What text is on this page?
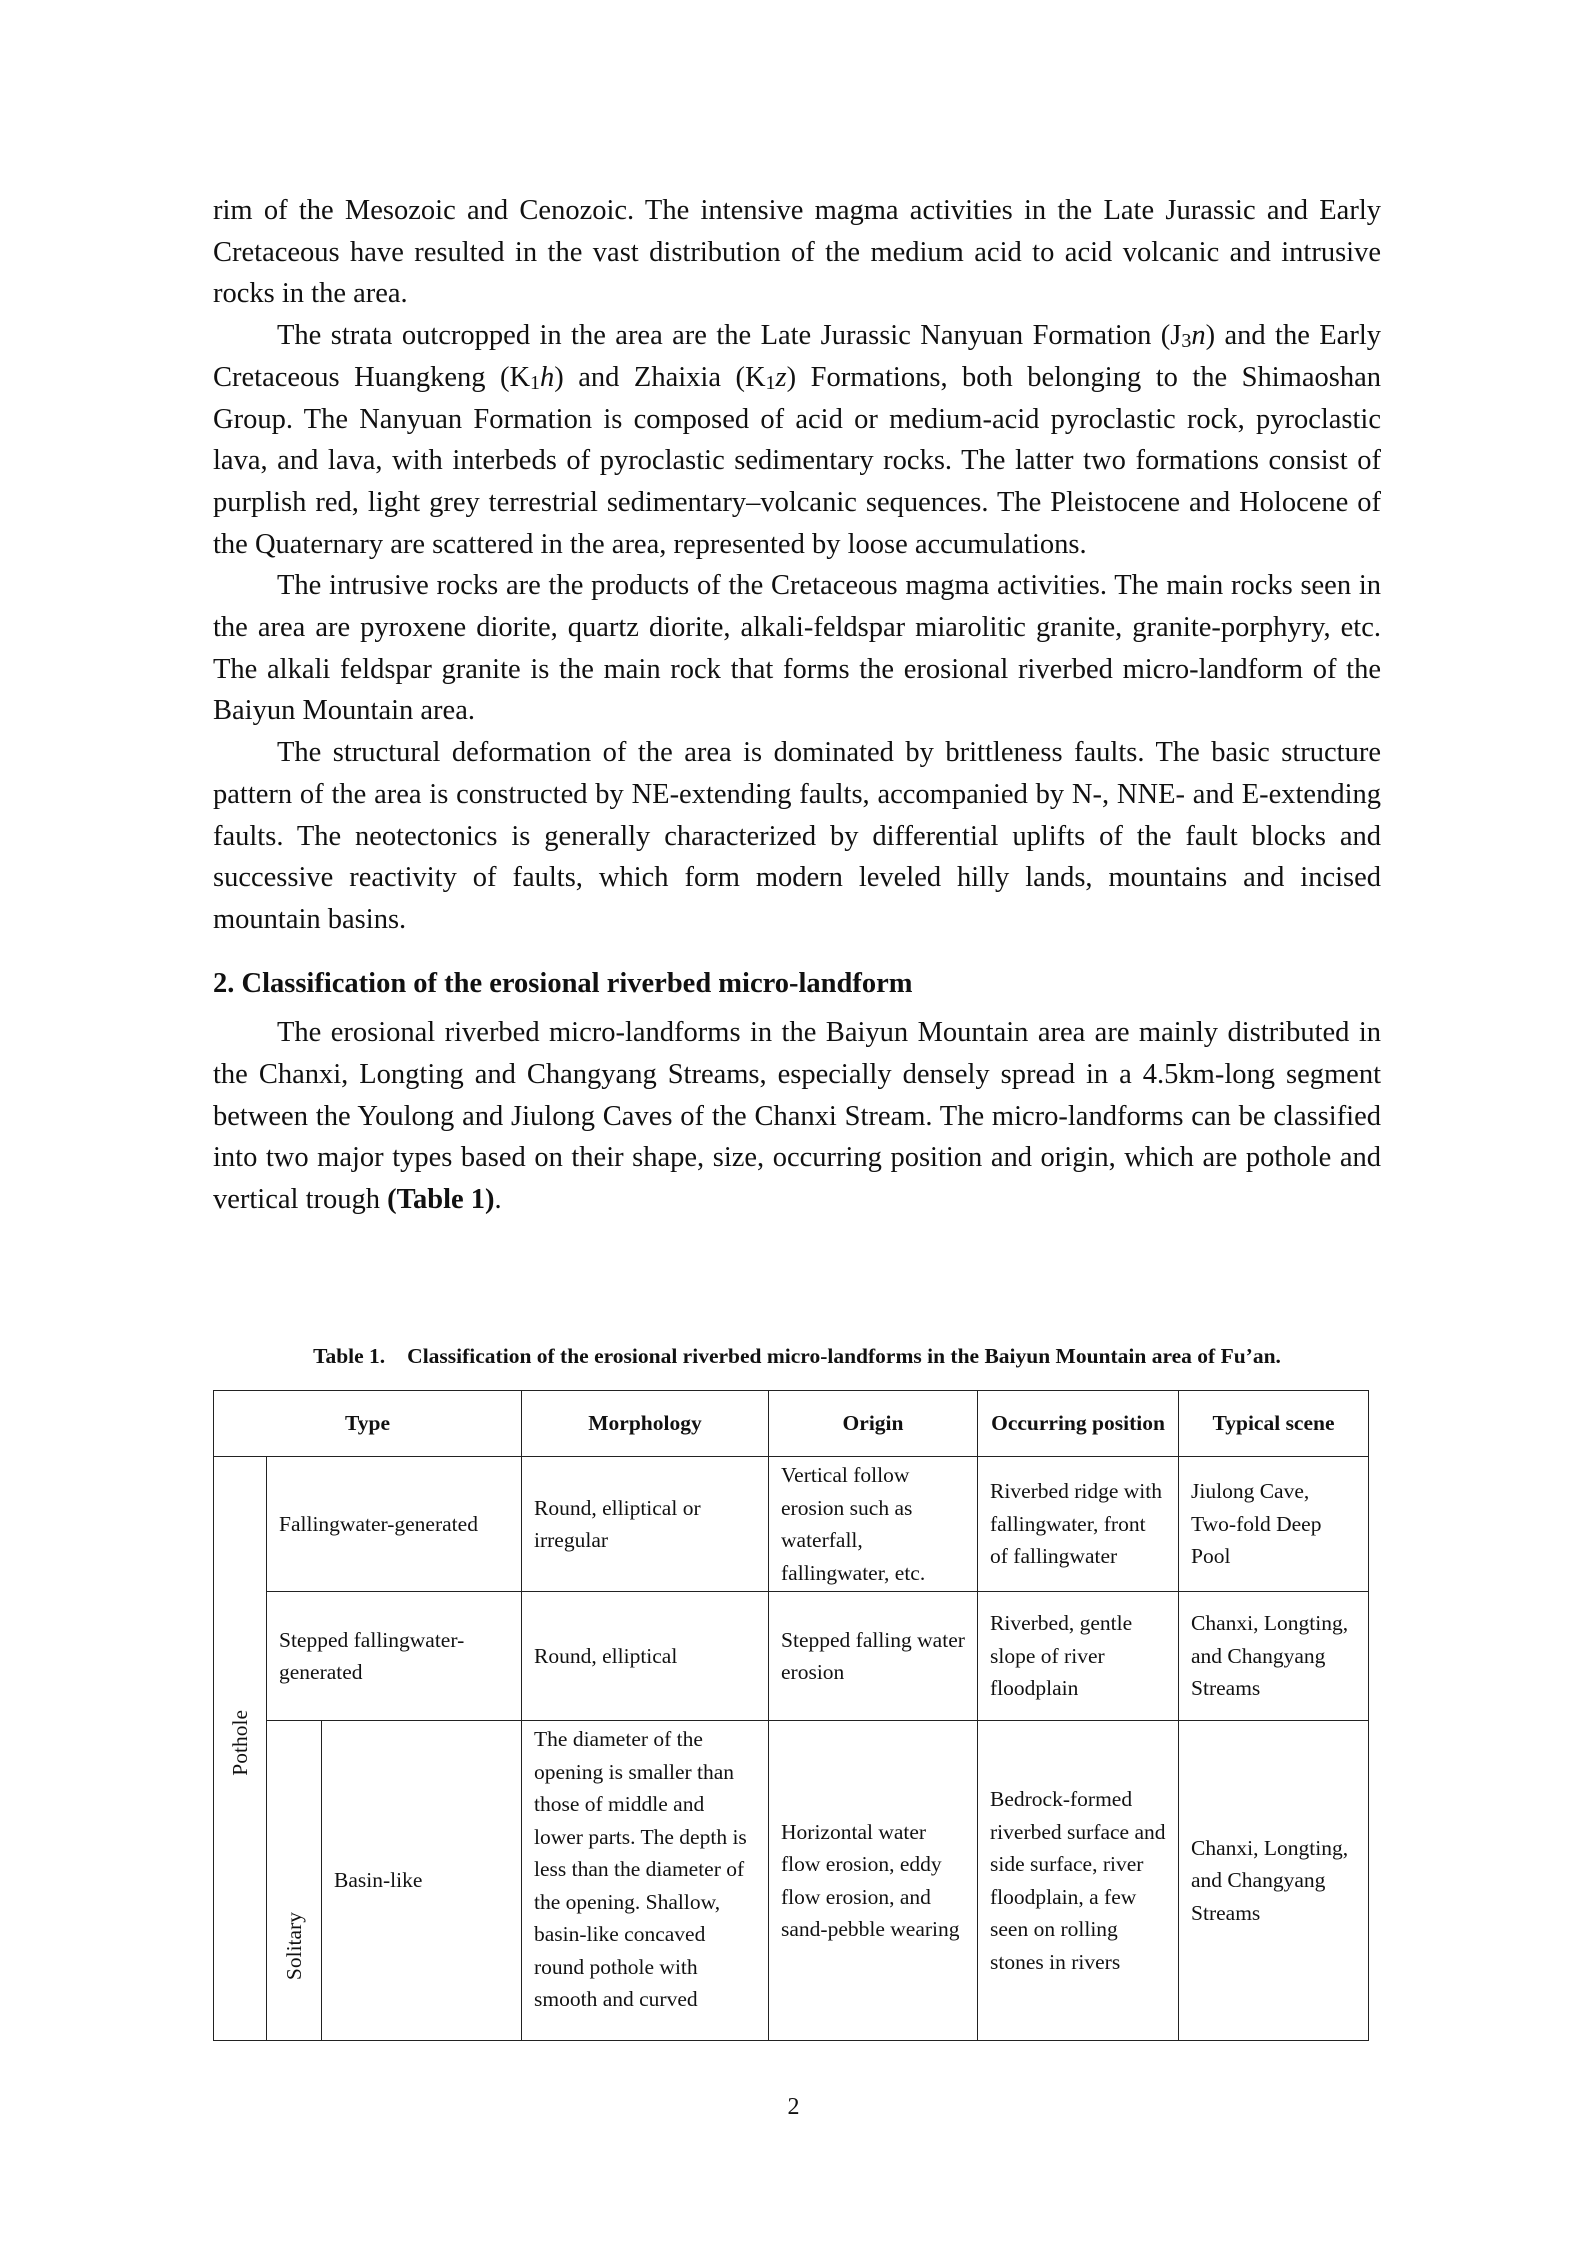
rim of the Mesozoic and Cenozoic. The intensive magma activities in the Late Jurassic and Early Cretaceous have resulted in the vast distribution of the medium acid to acid volcanic and intrusive rocks in the area.

The strata outcropped in the area are the Late Jurassic Nanyuan Formation $(J_3n)$ and the Early Cretaceous Huangkeng $(K_1h)$ and Zhaixia $(K_1z)$ Formations, both belonging to the Shimaoshan Group. The Nanyuan Formation is composed of acid or medium-acid pyroclastic rock, pyroclastic lava, and lava, with interbeds of pyroclastic sedimentary rocks. The latter two formations consist of purplish red, light grey terrestrial sedimentary–volcanic sequences. The Pleistocene and Holocene of the Quaternary are scattered in the area, represented by loose accumulations.

The intrusive rocks are the products of the Cretaceous magma activities. The main rocks seen in the area are pyroxene diorite, quartz diorite, alkali-feldspar miarolitic granite, granite-porphyry, etc. The alkali feldspar granite is the main rock that forms the erosional riverbed micro-landform of the Baiyun Mountain area.

The structural deformation of the area is dominated by brittleness faults. The basic structure pattern of the area is constructed by NE-extending faults, accompanied by N-, NNE- and E-extending faults. The neotectonics is generally characterized by differential uplifts of the fault blocks and successive reactivity of faults, which form modern leveled hilly lands, mountains and incised mountain basins.

2. Classification of the erosional riverbed micro-landform

The erosional riverbed micro-landforms in the Baiyun Mountain area are mainly distributed in the Chanxi, Longting and Changyang Streams, especially densely spread in a 4.5km-long segment between the Youlong and Jiulong Caves of the Chanxi Stream. The micro-landforms can be classified into two major types based on their shape, size, occurring position and origin, which are pothole and vertical trough (Table 1).

Table 1. Classification of the erosional riverbed micro-landforms in the Baiyun Mountain area of Fu’an.
Type			Morphology	Origin	Occurring position	Typical scene
Pothole	Fallingwater-generated		Round, elliptical or irregular	Vertical follow erosion such as waterfall, fallingwater, etc.	Riverbed ridge with fallingwater, front of fallingwater	Jiulong Cave, Two-fold Deep Pool
	Stepped fallingwater-generated		Round, elliptical	Stepped falling water erosion	Riverbed, gentle slope of river floodplain	Chanxi, Longting, and Changyang Streams
	Solitary	Basin-like	The diameter of the opening is smaller than those of middle and lower parts. The depth is less than the diameter of the opening. Shallow, basin-like concaved round pothole with smooth and curved	Horizontal water flow erosion, eddy flow erosion, and sand-pebble wearing	Bedrock-formed riverbed surface and side surface, river floodplain, a few seen on rolling stones in rivers	Chanxi, Longting, and Changyang Streams
2
